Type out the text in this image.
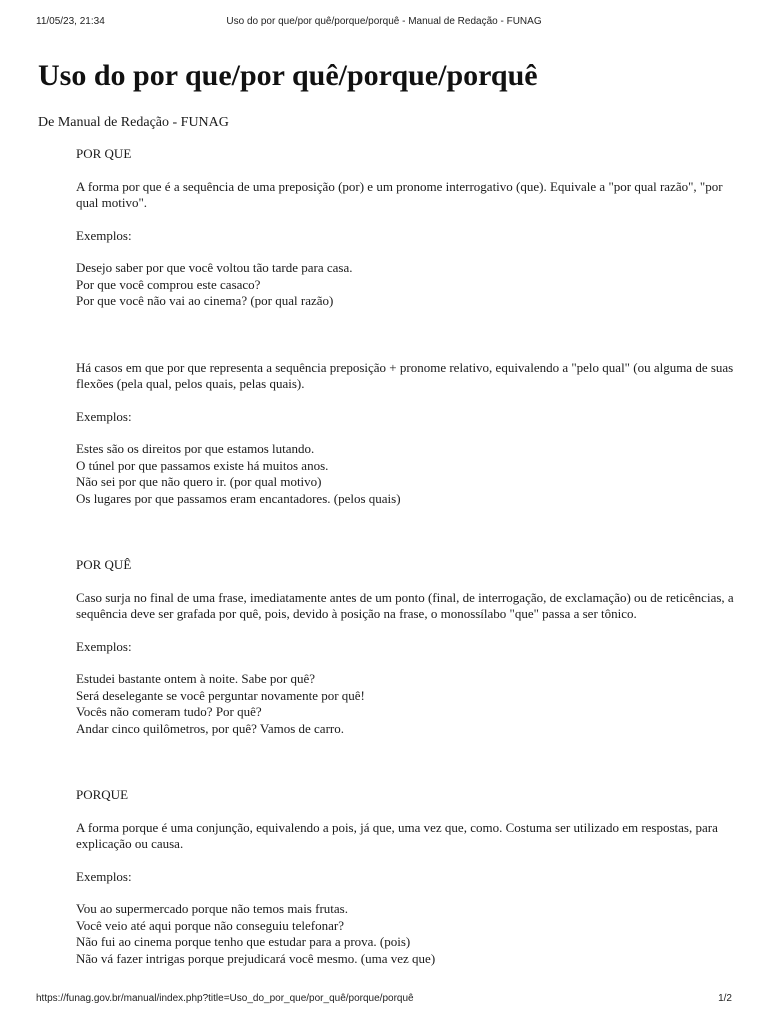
11/05/23, 21:34	Uso do por que/por quê/porque/porquê - Manual de Redação - FUNAG
Uso do por que/por quê/porque/porquê
De Manual de Redação - FUNAG

POR QUE

A forma por que é a sequência de uma preposição (por) e um pronome interrogativo (que). Equivale a "por qual razão", "por qual motivo".

Exemplos:

Desejo saber por que você voltou tão tarde para casa.
Por que você comprou este casaco?
Por que você não vai ao cinema? (por qual razão)

Há casos em que por que representa a sequência preposição + pronome relativo, equivalendo a "pelo qual" (ou alguma de suas flexões (pela qual, pelos quais, pelas quais).

Exemplos:

Estes são os direitos por que estamos lutando.
O túnel por que passamos existe há muitos anos.
Não sei por que não quero ir. (por qual motivo)
Os lugares por que passamos eram encantadores. (pelos quais)

POR QUÊ

Caso surja no final de uma frase, imediatamente antes de um ponto (final, de interrogação, de exclamação) ou de reticências, a sequência deve ser grafada por quê, pois, devido à posição na frase, o monossílabo "que" passa a ser tônico.

Exemplos:

Estudei bastante ontem à noite. Sabe por quê?
Será deselegante se você perguntar novamente por quê!
Vocês não comeram tudo? Por quê?
Andar cinco quilômetros, por quê? Vamos de carro.

PORQUE

A forma porque é uma conjunção, equivalendo a pois, já que, uma vez que, como. Costuma ser utilizado em respostas, para explicação ou causa.

Exemplos:

Vou ao supermercado porque não temos mais frutas.
Você veio até aqui porque não conseguiu telefonar?
Não fui ao cinema porque tenho que estudar para a prova. (pois)
Não vá fazer intrigas porque prejudicará você mesmo. (uma vez que)

https://funag.gov.br/manual/index.php?title=Uso_do_por_que/por_quê/porque/porquê	1/2
